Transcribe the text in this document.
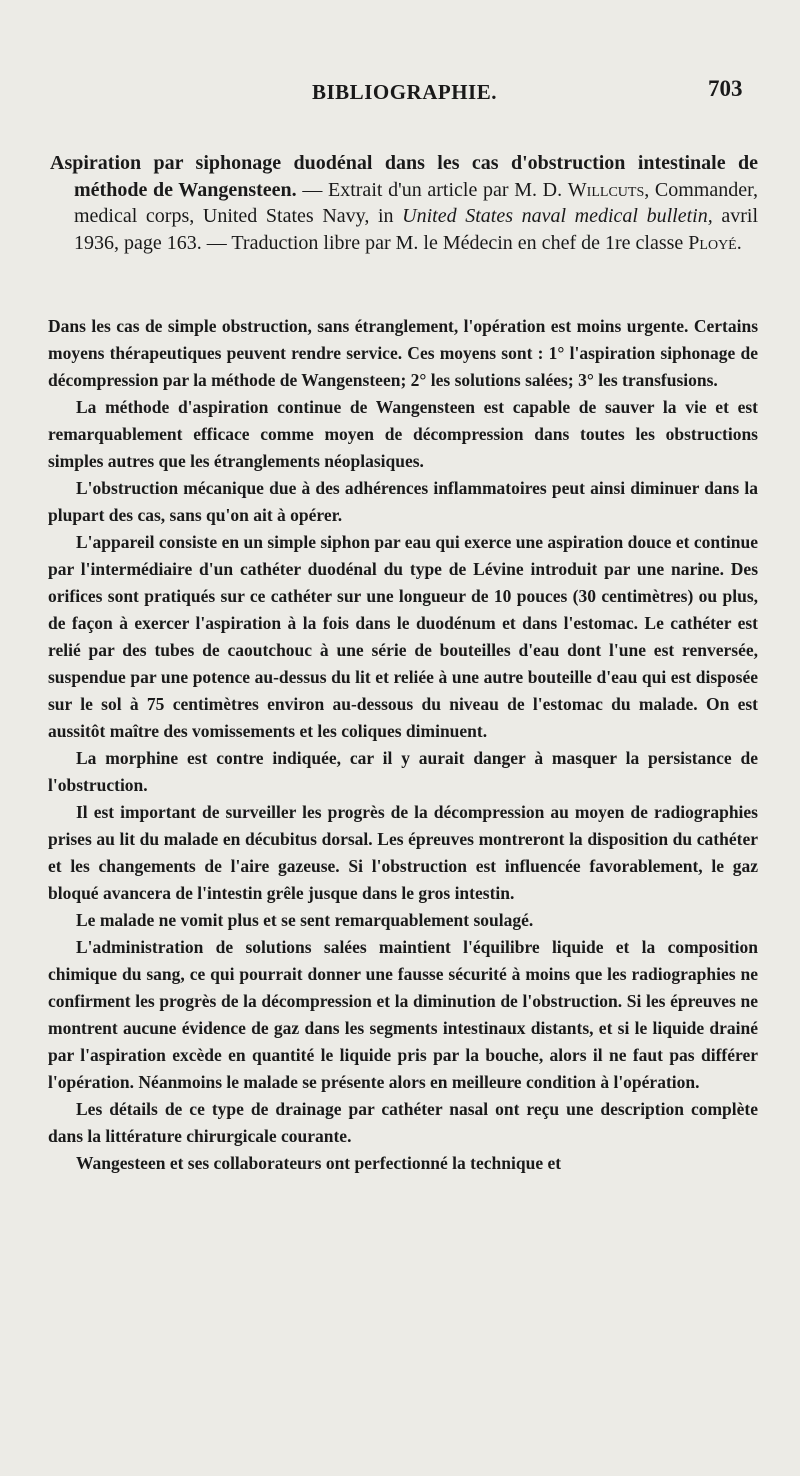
BIBLIOGRAPHIE.	703

Aspiration par siphonage duodénal dans les cas d'obstruction intestinale de méthode de Wangensteen. — Extrait d'un article par M. D. Willcuts, Commander, medical corps, United States Navy, in United States naval medical bulletin, avril 1936, page 163. — Traduction libre par M. le Médecin en chef de 1re classe Ployé.

Dans les cas de simple obstruction, sans étranglement, l'opération est moins urgente. Certains moyens thérapeutiques peuvent rendre service. Ces moyens sont : 1° l'aspiration siphonage de décompression par la méthode de Wangensteen; 2° les solutions salées; 3° les transfusions.

La méthode d'aspiration continue de Wangensteen est capable de sauver la vie et est remarquablement efficace comme moyen de décompression dans toutes les obstructions simples autres que les étranglements néoplasiques.

L'obstruction mécanique due à des adhérences inflammatoires peut ainsi diminuer dans la plupart des cas, sans qu'on ait à opérer.

L'appareil consiste en un simple siphon par eau qui exerce une aspiration douce et continue par l'intermédiaire d'un cathéter duodénal du type de Lévine introduit par une narine. Des orifices sont pratiqués sur ce cathéter sur une longueur de 10 pouces (30 centimètres) ou plus, de façon à exercer l'aspiration à la fois dans le duodénum et dans l'estomac. Le cathéter est relié par des tubes de caoutchouc à une série de bouteilles d'eau dont l'une est renversée, suspendue par une potence au-dessus du lit et reliée à une autre bouteille d'eau qui est disposée sur le sol à 75 centimètres environ au-dessous du niveau de l'estomac du malade. On est aussitôt maître des vomissements et les coliques diminuent.

La morphine est contre indiquée, car il y aurait danger à masquer la persistance de l'obstruction.

Il est important de surveiller les progrès de la décompression au moyen de radiographies prises au lit du malade en décubitus dorsal. Les épreuves montreront la disposition du cathéter et les changements de l'aire gazeuse. Si l'obstruction est influencée favorablement, le gaz bloqué avancera de l'intestin grêle jusque dans le gros intestin.

Le malade ne vomit plus et se sent remarquablement soulagé.

L'administration de solutions salées maintient l'équilibre liquide et la composition chimique du sang, ce qui pourrait donner une fausse sécurité à moins que les radiographies ne confirment les progrès de la décompression et la diminution de l'obstruction. Si les épreuves ne montrent aucune évidence de gaz dans les segments intestinaux distants, et si le liquide drainé par l'aspiration excède en quantité le liquide pris par la bouche, alors il ne faut pas différer l'opération. Néanmoins le malade se présente alors en meilleure condition à l'opération.

Les détails de ce type de drainage par cathéter nasal ont reçu une description complète dans la littérature chirurgicale courante.

Wangesteen et ses collaborateurs ont perfectionné la technique et
